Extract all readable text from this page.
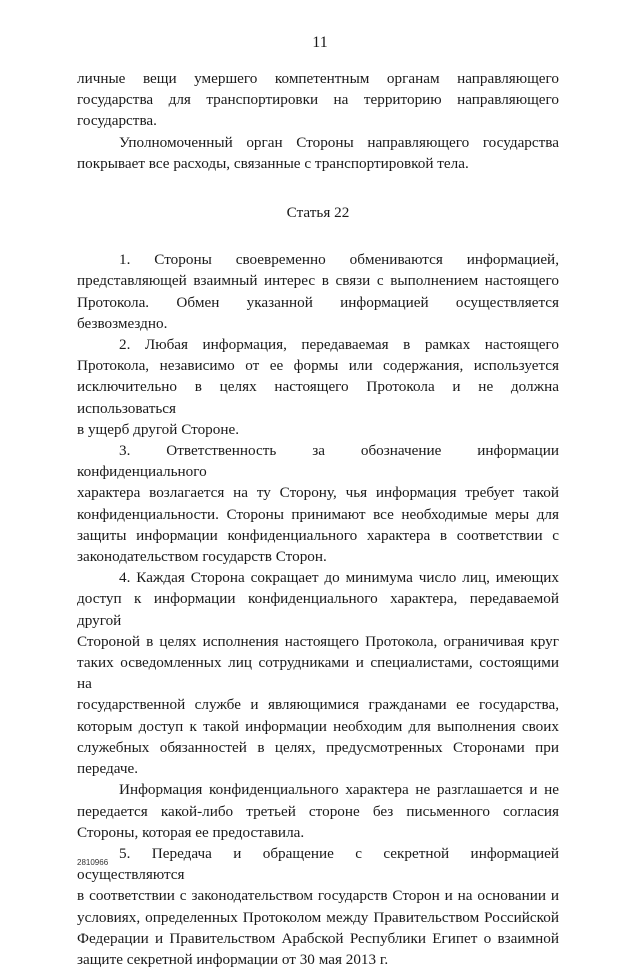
11
личные вещи умершего компетентным органам направляющего
государства для транспортировки на территорию направляющего
государства.
Уполномоченный орган Стороны направляющего государства
покрывает все расходы, связанные с транспортировкой тела.
Статья 22
1. Стороны своевременно обмениваются информацией,
представляющей взаимный интерес в связи с выполнением настоящего
Протокола. Обмен указанной информацией осуществляется безвозмездно.
2. Любая информация, передаваемая в рамках настоящего
Протокола, независимо от ее формы или содержания, используется
исключительно в целях настоящего Протокола и не должна использоваться
в ущерб другой Стороне.
3. Ответственность за обозначение информации конфиденциального
характера возлагается на ту Сторону, чья информация требует такой
конфиденциальности. Стороны принимают все необходимые меры для
защиты информации конфиденциального характера в соответствии с
законодательством государств Сторон.
4. Каждая Сторона сокращает до минимума число лиц, имеющих
доступ к информации конфиденциального характера, передаваемой другой
Стороной в целях исполнения настоящего Протокола, ограничивая круг
таких осведомленных лиц сотрудниками и специалистами, состоящими на
государственной службе и являющимися гражданами ее государства,
которым доступ к такой информации необходим для выполнения своих
служебных обязанностей в целях, предусмотренных Сторонами при
передаче.
Информация конфиденциального характера не разглашается и не
передается какой-либо третьей стороне без письменного согласия
Стороны, которая ее предоставила.
5. Передача и обращение с секретной информацией осуществляются
в соответствии с законодательством государств Сторон и на основании и
условиях, определенных Протоколом между Правительством Российской
Федерации и Правительством Арабской Республики Египет о взаимной
защите секретной информации от 30 мая 2013 г.
2810966
